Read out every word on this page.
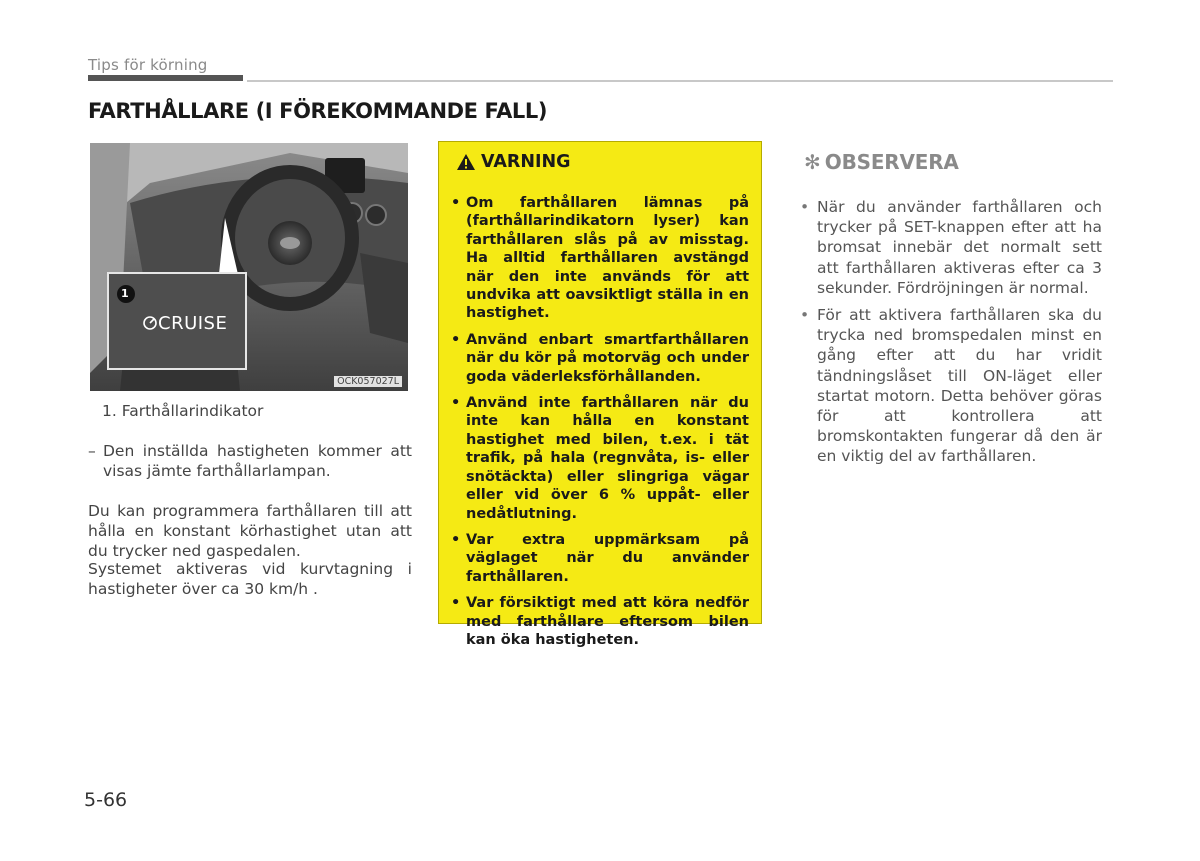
Tips för körning
FARTHÅLLARE (I FÖREKOMMANDE FALL)
1
CRUISE
OCK057027L
1. Farthållarindikator
– Den inställda hastigheten kommer att visas jämte farthållarlampan.

Du kan programmera farthållaren till att hålla en konstant körhastighet utan att du trycker ned gaspedalen.

Systemet aktiveras vid kurvtagning i hastigheter över ca 30 km/h .

VARNING
• Om farthållaren lämnas på (farthållarindikatorn lyser) kan farthållaren slås på av misstag. Ha alltid farthållaren avstängd när den inte används för att undvika att oavsiktligt ställa in en hastighet.
• Använd enbart smartfarthållaren när du kör på motorväg och under goda väderleksförhållanden.
• Använd inte farthållaren när du inte kan hålla en konstant hastighet med bilen, t.ex. i tät trafik, på hala (regnvåta, is- eller snötäckta) eller slingriga vägar eller vid över 6 % uppåt- eller nedåtlutning.
• Var extra uppmärksam på väglaget när du använder farthållaren.
• Var försiktigt med att köra nedför med farthållare eftersom bilen kan öka hastigheten.
✻ OBSERVERA
• När du använder farthållaren och trycker på SET-knappen efter att ha bromsat innebär det normalt sett att farthållaren aktiveras efter ca 3 sekunder. Fördröjningen är normal.
• För att aktivera farthållaren ska du trycka ned bromspedalen minst en gång efter att du har vridit tändningslåset till ON-läget eller startat motorn. Detta behöver göras för att kontrollera att bromskontakten fungerar då den är en viktig del av farthållaren.
5-66
